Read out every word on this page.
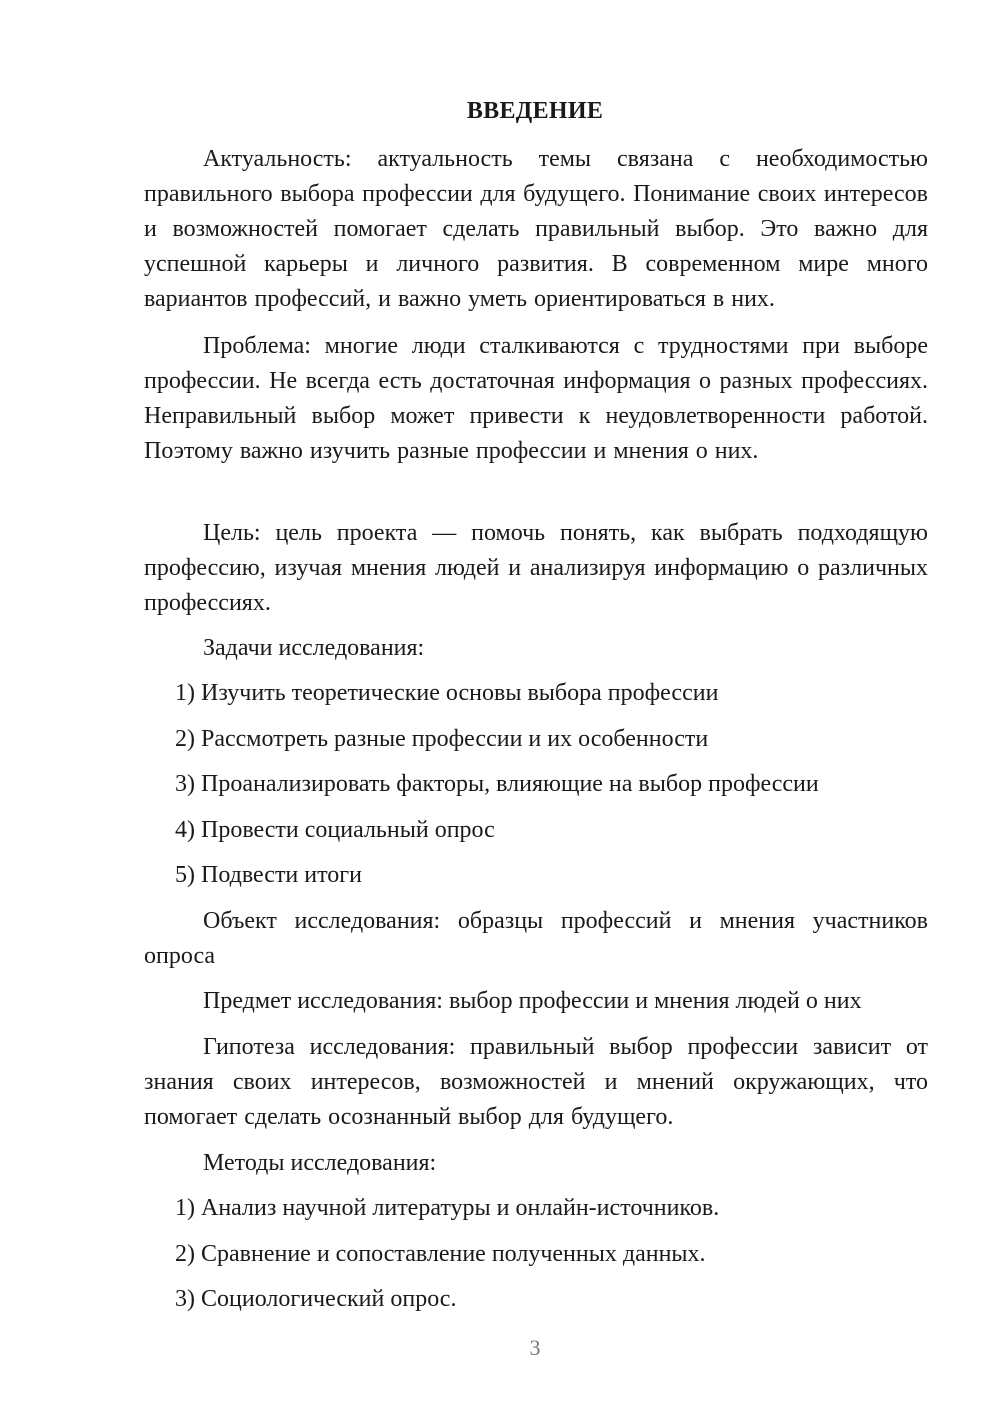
ВВЕДЕНИЕ

Актуальность: актуальность темы связана с необходимостью правильного выбора профессии для будущего. Понимание своих интересов и возможностей помогает сделать правильный выбор. Это важно для успешной карьеры и личного развития. В современном мире много вариантов профессий, и важно уметь ориентироваться в них.

Проблема: многие люди сталкиваются с трудностями при выборе профессии. Не всегда есть достаточная информация о разных профессиях. Неправильный выбор может привести к неудовлетворенности работой. Поэтому важно изучить разные профессии и мнения о них.

Цель: цель проекта — помочь понять, как выбрать подходящую профессию, изучая мнения людей и анализируя информацию о различных профессиях.

Задачи исследования:
1) Изучить теоретические основы выбора профессии
2) Рассмотреть разные профессии и их особенности
3) Проанализировать факторы, влияющие на выбор профессии
4) Провести социальный опрос
5) Подвести итоги

Объект исследования: образцы профессий и мнения участников опроса

Предмет исследования: выбор профессии и мнения людей о них

Гипотеза исследования: правильный выбор профессии зависит от знания своих интересов, возможностей и мнений окружающих, что помогает сделать осознанный выбор для будущего.

Методы исследования:
1) Анализ научной литературы и онлайн-источников.
2) Сравнение и сопоставление полученных данных.
3) Социологический опрос.
3
